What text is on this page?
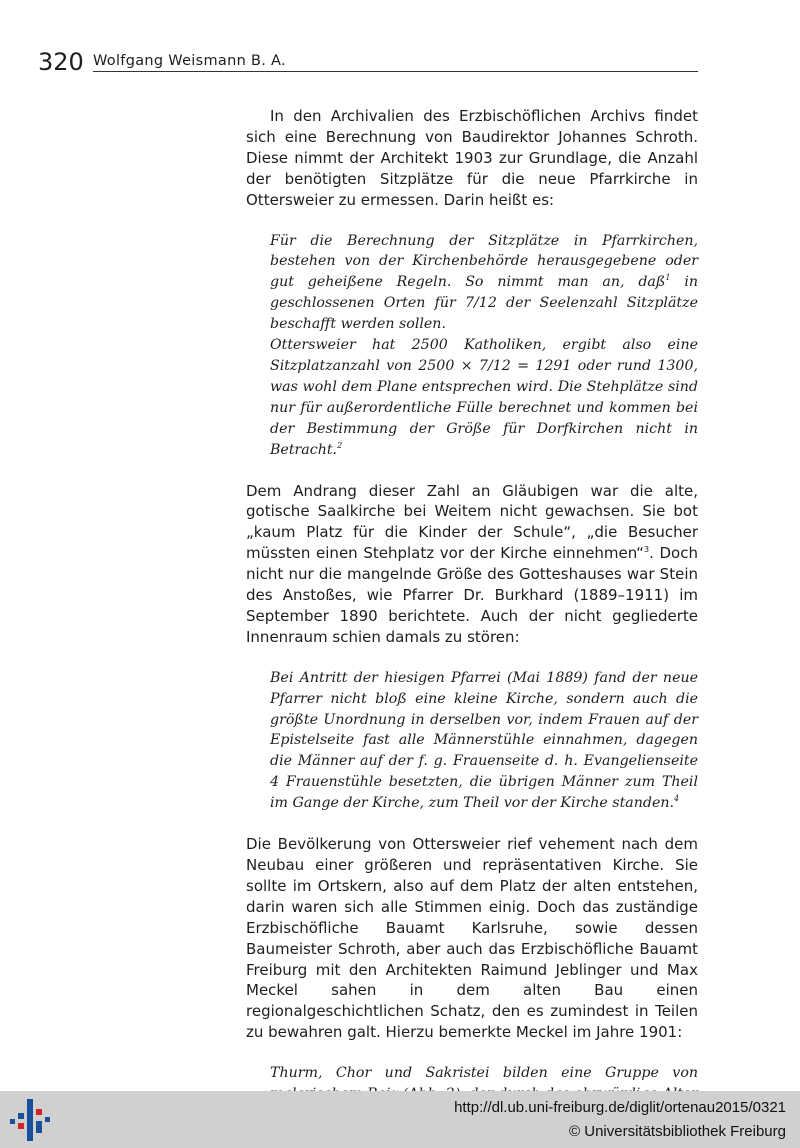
320 Wolfgang Weismann B. A.

In den Archivalien des Erzbischöflichen Archivs findet sich eine Berechnung von Baudirektor Johannes Schroth. Diese nimmt der Architekt 1903 zur Grundlage, die Anzahl der benötigten Sitzplätze für die neue Pfarrkirche in Ottersweier zu ermessen. Darin heißt es:

Für die Berechnung der Sitzplätze in Pfarrkirchen, bestehen von der Kirchenbehörde herausgegebene oder gut geheißene Regeln. So nimmt man an, daß$^1$ in geschlossenen Orten für 7/12 der Seelenzahl Sitzplätze beschafft werden sollen.
Ottersweier hat 2500 Katholiken, ergibt also eine Sitzplatzanzahl von 2500 × 7/12 = 1291 oder rund 1300, was wohl dem Plane entsprechen wird. Die Stehplätze sind nur für außerordentliche Fülle berechnet und kommen bei der Bestimmung der Größe für Dorfkirchen nicht in Betracht.$^2$

Dem Andrang dieser Zahl an Gläubigen war die alte, gotische Saalkirche bei Weitem nicht gewachsen. Sie bot „kaum Platz für die Kinder der Schule“, „die Besucher müssten einen Stehplatz vor der Kirche einnehmen“$^3$. Doch nicht nur die mangelnde Größe des Gotteshauses war Stein des Anstoßes, wie Pfarrer Dr. Burkhard (1889–1911) im September 1890 berichtete. Auch der nicht gegliederte Innenraum schien damals zu stören:

Bei Antritt der hiesigen Pfarrei (Mai 1889) fand der neue Pfarrer nicht bloß eine kleine Kirche, sondern auch die größte Unordnung in derselben vor, indem Frauen auf der Epistelseite fast alle Männerstühle einnahmen, dagegen die Männer auf der f. g. Frauenseite d. h. Evangelienseite 4 Frauenstühle besetzten, die übrigen Männer zum Theil im Gange der Kirche, zum Theil vor der Kirche standen.$^4$

Die Bevölkerung von Ottersweier rief vehement nach dem Neubau einer größeren und repräsentativen Kirche. Sie sollte im Ortskern, also auf dem Platz der alten entstehen, darin waren sich alle Stimmen einig. Doch das zuständige Erzbischöfliche Bauamt Karlsruhe, sowie dessen Baumeister Schroth, aber auch das Erzbischöfliche Bauamt Freiburg mit den Architekten Raimund Jeblinger und Max Meckel sahen in dem alten Bau einen regionalgeschichtlichen Schatz, den es zumindest in Teilen zu bewahren galt. Hierzu bemerkte Meckel im Jahre 1901:

Thurm, Chor und Sakristei bilden eine Gruppe von
http://dl.ub.uni-freiburg.de/diglit/ortenau2015/0321
© Universitätsbibliothek Freiburg
